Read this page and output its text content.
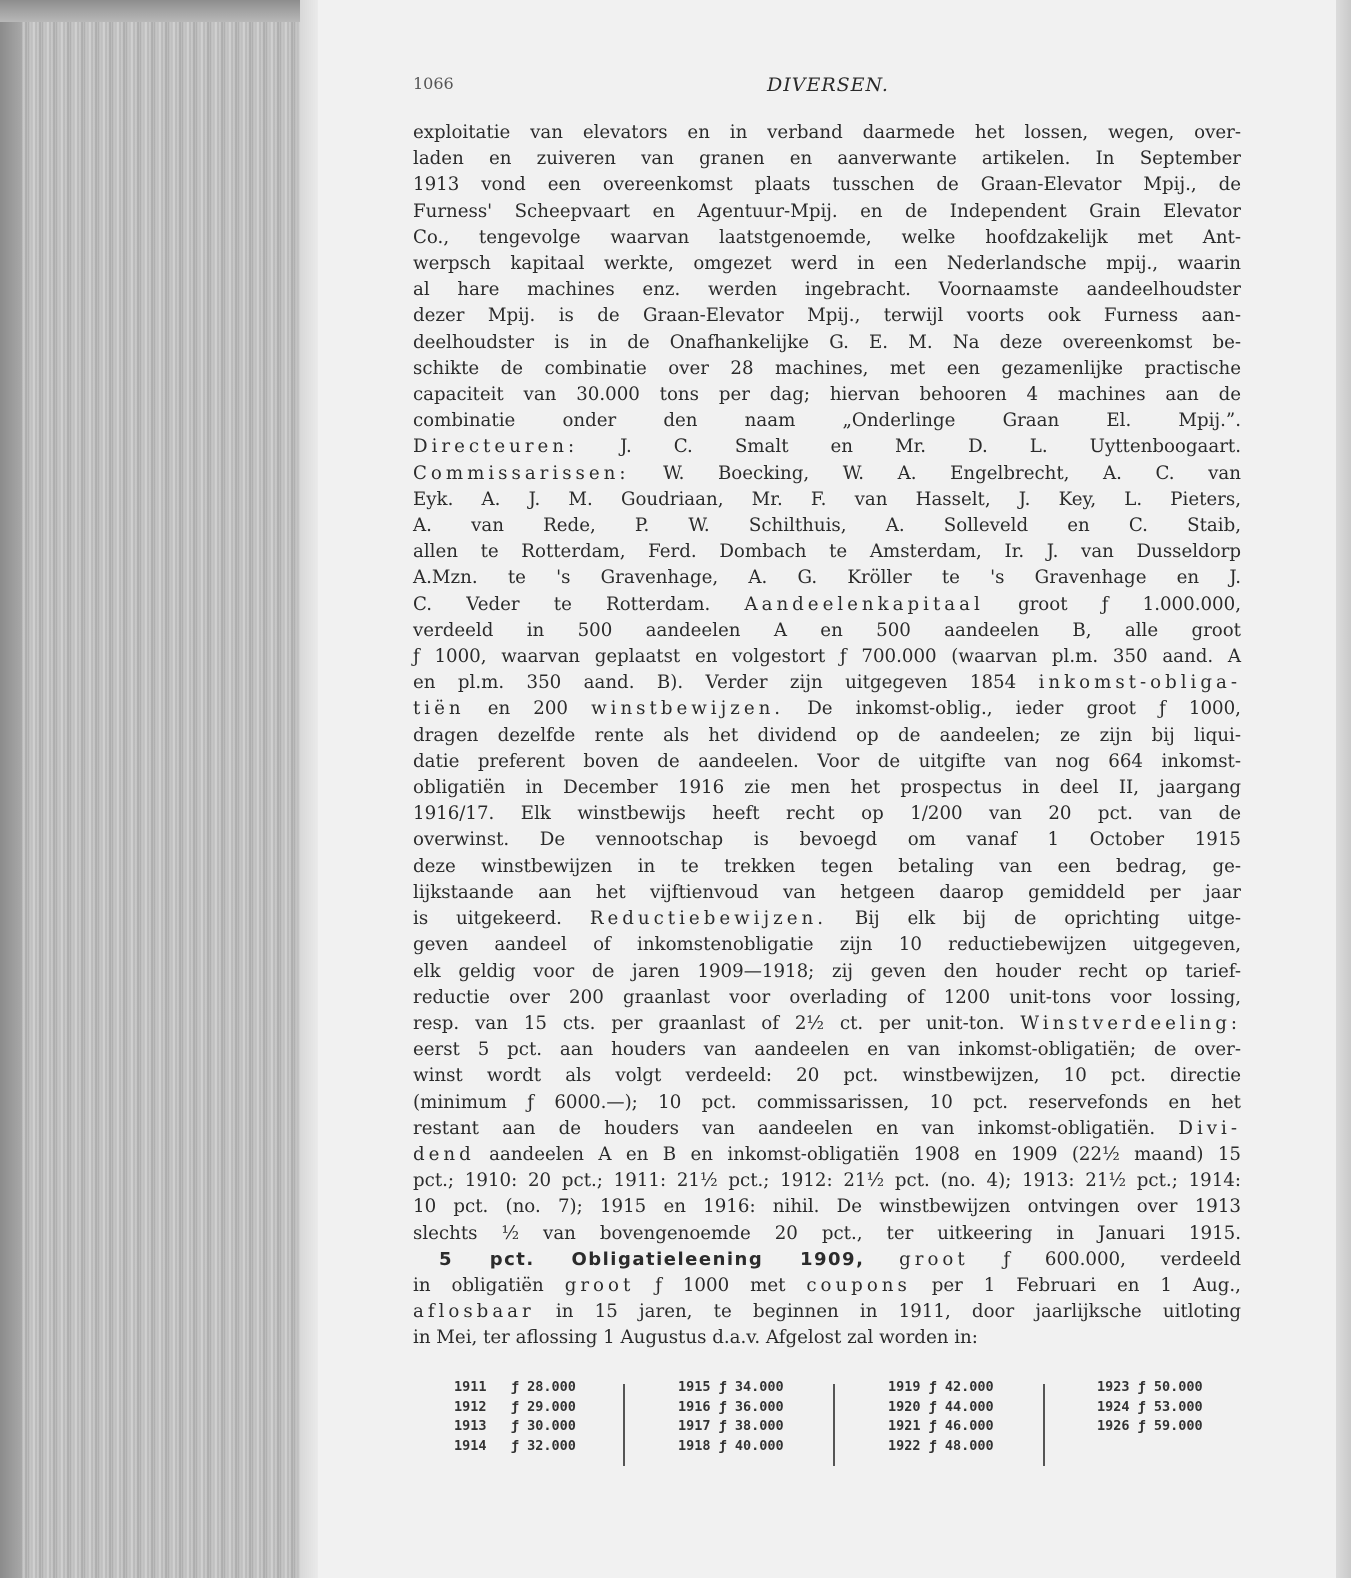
1066	DIVERSEN.
exploitatie van elevators en in verband daarmede het lossen, wegen, over-
laden en zuiveren van granen en aanverwante artikelen. In September
1913 vond een overeenkomst plaats tusschen de Graan-Elevator Mpij., de
Furness' Scheepvaart en Agentuur-Mpij. en de Independent Grain Elevator
Co., tengevolge waarvan laatstgenoemde, welke hoofdzakelijk met Ant-
werpsch kapitaal werkte, omgezet werd in een Nederlandsche mpij., waarin
al hare machines enz. werden ingebracht. Voornaamste aandeelhoudster
dezer Mpij. is de Graan-Elevator Mpij., terwijl voorts ook Furness aan-
deelhoudster is in de Onafhankelijke G. E. M. Na deze overeenkomst be-
schikte de combinatie over 28 machines, met een gezamenlijke practische
capaciteit van 30.000 tons per dag; hiervan behooren 4 machines aan de
combinatie onder den naam „Onderlinge Graan El. Mpij.”.
Directeuren: J. C. Smalt en Mr. D. L. Uyttenboogaart.
Commissarissen: W. Boecking, W. A. Engelbrecht, A. C. van
Eyk. A. J. M. Goudriaan, Mr. F. van Hasselt, J. Key, L. Pieters,
A. van Rede, P. W. Schilthuis, A. Solleveld en C. Staib,
allen te Rotterdam, Ferd. Dombach te Amsterdam, Ir. J. van Dusseldorp
A.Mzn. te 's Gravenhage, A. G. Kröller te 's Gravenhage en J.
C. Veder te Rotterdam. Aandeelenkapitaal groot ƒ 1.000.000,
verdeeld in 500 aandeelen A en 500 aandeelen B, alle groot
ƒ 1000, waarvan geplaatst en volgestort ƒ 700.000 (waarvan pl.m. 350 aand. A
en pl.m. 350 aand. B). Verder zijn uitgegeven 1854 inkomst-obliga-
tiën en 200 winstbewijzen. De inkomst-oblig., ieder groot ƒ 1000,
dragen dezelfde rente als het dividend op de aandeelen; ze zijn bij liqui-
datie preferent boven de aandeelen. Voor de uitgifte van nog 664 inkomst-
obligatiën in December 1916 zie men het prospectus in deel II, jaargang
1916/17. Elk winstbewijs heeft recht op 1/200 van 20 pct. van de
overwinst. De vennootschap is bevoegd om vanaf 1 October 1915
deze winstbewijzen in te trekken tegen betaling van een bedrag, ge-
lijkstaande aan het vijftienvoud van hetgeen daarop gemiddeld per jaar
is uitgekeerd. Reductiebewijzen. Bij elk bij de oprichting uitge-
geven aandeel of inkomstenobligatie zijn 10 reductiebewijzen uitgegeven,
elk geldig voor de jaren 1909—1918; zij geven den houder recht op tarief-
reductie over 200 graanlast voor overlading of 1200 unit-tons voor lossing,
resp. van 15 cts. per graanlast of 2½ ct. per unit-ton. Winstverdeeling:
eerst 5 pct. aan houders van aandeelen en van inkomst-obligatiën; de over-
winst wordt als volgt verdeeld: 20 pct. winstbewijzen, 10 pct. directie
(minimum ƒ 6000.—); 10 pct. commissarissen, 10 pct. reservefonds en het
restant aan de houders van aandeelen en van inkomst-obligatiën. Divi-
dend aandeelen A en B en inkomst-obligatiën 1908 en 1909 (22½ maand) 15
pct.; 1910: 20 pct.; 1911: 21½ pct.; 1912: 21½ pct. (no. 4); 1913: 21½ pct.; 1914:
10 pct. (no. 7); 1915 en 1916: nihil. De winstbewijzen ontvingen over 1913
slechts ½ van bovengenoemde 20 pct., ter uitkeering in Januari 1915.
5 pct. Obligatieleening 1909, groot ƒ 600.000, verdeeld
in obligatiën groot ƒ 1000 met coupons per 1 Februari en 1 Aug.,
aflosbaar in 15 jaren, te beginnen in 1911, door jaarlijksche uitloting
in Mei, ter aflossing 1 Augustus d.a.v. Afgelost zal worden in:
1911   ƒ 28.000
1912   ƒ 29.000
1913   ƒ 30.000
1914   ƒ 32.000
1915 ƒ 34.000
1916 ƒ 36.000
1917 ƒ 38.000
1918 ƒ 40.000
1919 ƒ 42.000
1920 ƒ 44.000
1921 ƒ 46.000
1922 ƒ 48.000
1923 ƒ 50.000
1924 ƒ 53.000
1926 ƒ 59.000
